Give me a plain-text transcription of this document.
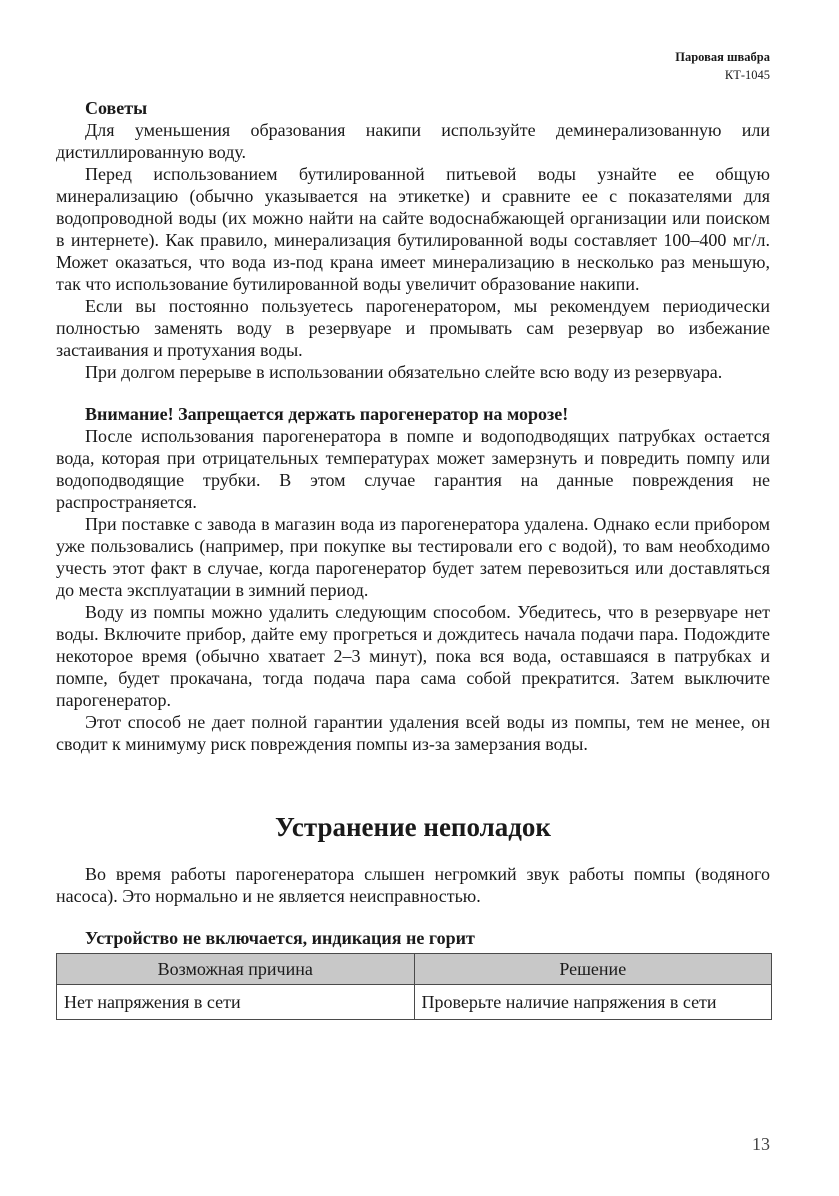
Паровая швабра
КТ-1045
Советы

Для уменьшения образования накипи используйте деминерализованную или дистиллированную воду.

Перед использованием бутилированной питьевой воды узнайте ее общую минерализацию (обычно указывается на этикетке) и сравните ее с показателями для водопроводной воды (их можно найти на сайте водоснабжающей организации или поиском в интернете). Как правило, минерализация бутилированной воды составляет 100–400 мг/л. Может оказаться, что вода из-под крана имеет минерализацию в несколько раз меньшую, так что использование бутилированной воды увеличит образование накипи.

Если вы постоянно пользуетесь парогенератором, мы рекомендуем периодически полностью заменять воду в резервуаре и промывать сам резервуар во избежание застаивания и протухания воды.

При долгом перерыве в использовании обязательно слейте всю воду из резервуара.

Внимание! Запрещается держать парогенератор на морозе!

После использования парогенератора в помпе и водоподводящих патрубках остается вода, которая при отрицательных температурах может замерзнуть и повредить помпу или водоподводящие трубки. В этом случае гарантия на данные повреждения не распространяется.

При поставке с завода в магазин вода из парогенератора удалена. Однако если прибором уже пользовались (например, при покупке вы тестировали его с водой), то вам необходимо учесть этот факт в случае, когда парогенератор будет затем перевозиться или доставляться до места эксплуатации в зимний период.

Воду из помпы можно удалить следующим способом. Убедитесь, что в резервуаре нет воды. Включите прибор, дайте ему прогреться и дождитесь начала подачи пара. Подождите некоторое время (обычно хватает 2–3 минут), пока вся вода, оставшаяся в патрубках и помпе, будет прокачана, тогда подача пара сама собой прекратится. Затем выключите парогенератор.

Этот способ не дает полной гарантии удаления всей воды из помпы, тем не менее, он сводит к минимуму риск повреждения помпы из-за замерзания воды.

Устранение неполадок

Во время работы парогенератора слышен негромкий звук работы помпы (водяного насоса). Это нормально и не является неисправностью.

Устройство не включается, индикация не горит
Возможная причина	Решение
Нет напряжения в сети	Проверьте наличие напряжения в сети
13
